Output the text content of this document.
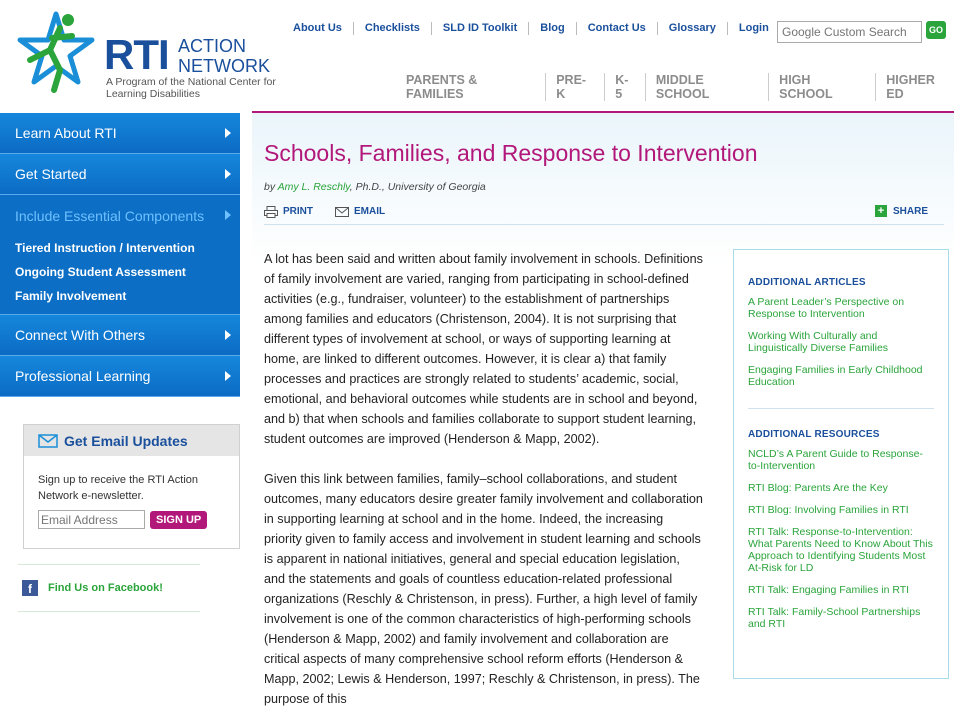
RTI ACTION
NETWORK
A Program of the National Center for Learning Disabilities
About Us	Checklists	SLD ID Toolkit	Blog	Contact Us	Glossary	Login
Google Custom Search	GO
PARENTS & FAMILIES
PRE-K
K-5
MIDDLE SCHOOL
HIGH SCHOOL
HIGHER ED
Learn About RTI
Get Started
Include Essential Components
Tiered Instruction / Intervention
Ongoing Student Assessment
Family Involvement
Connect With Others
Professional Learning
Get Email Updates
Sign up to receive the RTI Action Network e-newsletter.
Email Address
SIGN UP
f	Find Us on Facebook!
Schools, Families, and Response to Intervention
by Amy L. Reschly, Ph.D., University of Georgia
PRINT	EMAIL	+ SHARE

A lot has been said and written about family involvement in schools. Definitions of family involvement are varied, ranging from participating in school-defined activities (e.g., fundraiser, volunteer) to the establishment of partnerships among families and educators (Christenson, 2004). It is not surprising that different types of involvement at school, or ways of supporting learning at home, are linked to different outcomes. However, it is clear a) that family processes and practices are strongly related to students’ academic, social, emotional, and behavioral outcomes while students are in school and beyond, and b) that when schools and families collaborate to support student learning, student outcomes are improved (Henderson & Mapp, 2002).

Given this link between families, family–school collaborations, and student outcomes, many educators desire greater family involvement and collaboration in supporting learning at school and in the home. Indeed, the increasing priority given to family access and involvement in student learning and schools is apparent in national initiatives, general and special education legislation, and the statements and goals of countless education-related professional organizations (Reschly & Christenson, in press). Further, a high level of family involvement is one of the common characteristics of high-performing schools (Henderson & Mapp, 2002) and family involvement and collaboration are critical aspects of many comprehensive school reform efforts (Henderson & Mapp, 2002; Lewis & Henderson, 1997; Reschly & Christenson, in press). The purpose of this

ADDITIONAL ARTICLES
A Parent Leader’s Perspective on Response to Intervention
Working With Culturally and Linguistically Diverse Families
Engaging Families in Early Childhood Education
ADDITIONAL RESOURCES
NCLD’s A Parent Guide to Response-to-Intervention
RTI Blog: Parents Are the Key
RTI Blog: Involving Families in RTI
RTI Talk: Response-to-Intervention: What Parents Need to Know About This Approach to Identifying Students Most At-Risk for LD
RTI Talk: Engaging Families in RTI
RTI Talk: Family-School Partnerships and RTI
